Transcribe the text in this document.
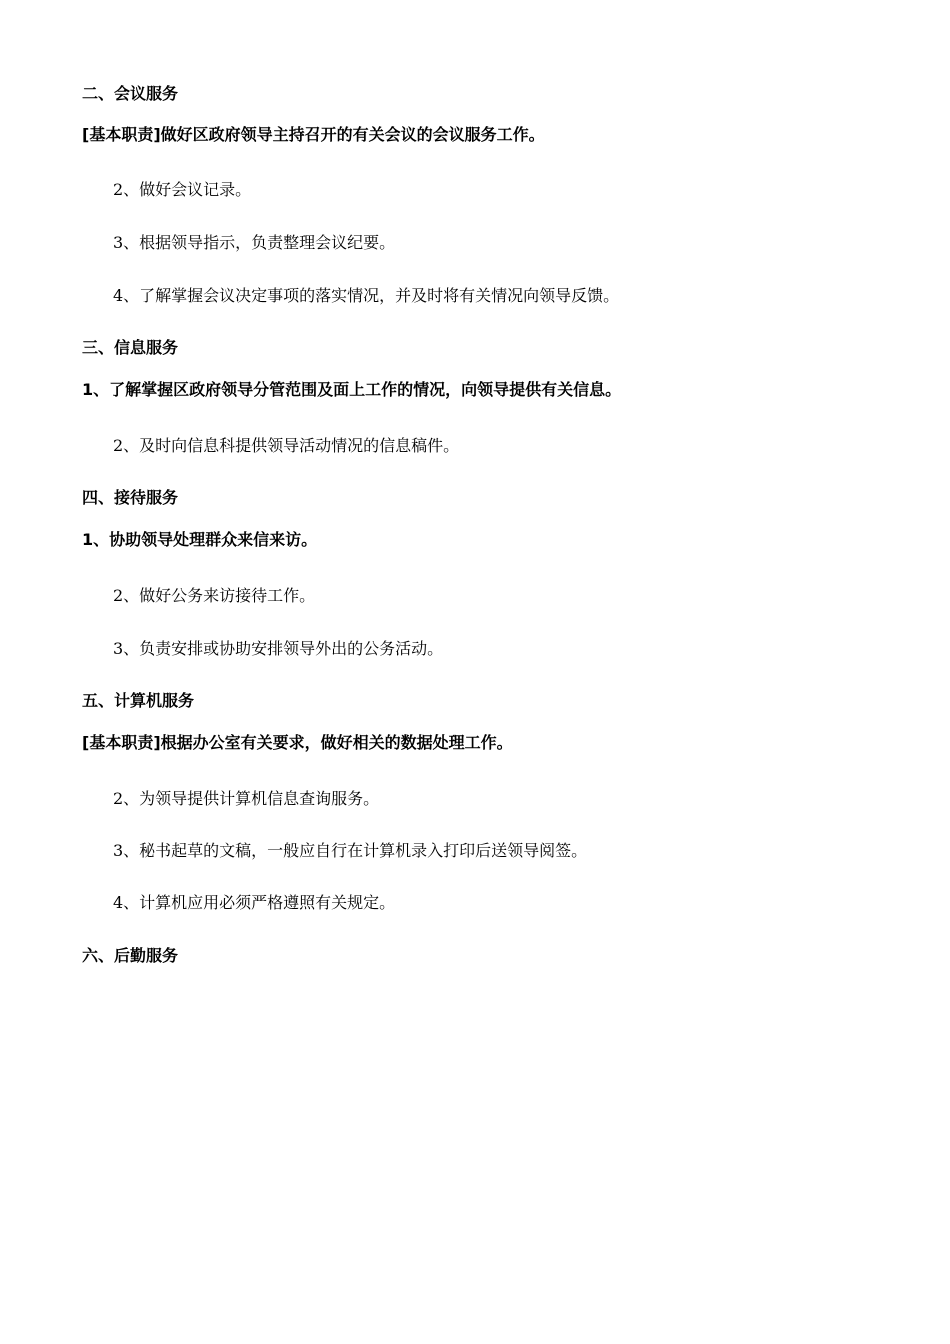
二、会议服务
[基本职责]做好区政府领导主持召开的有关会议的会议服务工作。
2、做好会议记录。
3、根据领导指示，负责整理会议纪要。
4、了解掌握会议决定事项的落实情况，并及时将有关情况向领导反馈。
三、信息服务
1、了解掌握区政府领导分管范围及面上工作的情况，向领导提供有关信息。
2、及时向信息科提供领导活动情况的信息稿件。
四、接待服务
1、协助领导处理群众来信来访。
2、做好公务来访接待工作。
3、负责安排或协助安排领导外出的公务活动。
五、计算机服务
[基本职责]根据办公室有关要求，做好相关的数据处理工作。
2、为领导提供计算机信息查询服务。
3、秘书起草的文稿，一般应自行在计算机录入打印后送领导阅签。
4、计算机应用必须严格遵照有关规定。
六、后勤服务
